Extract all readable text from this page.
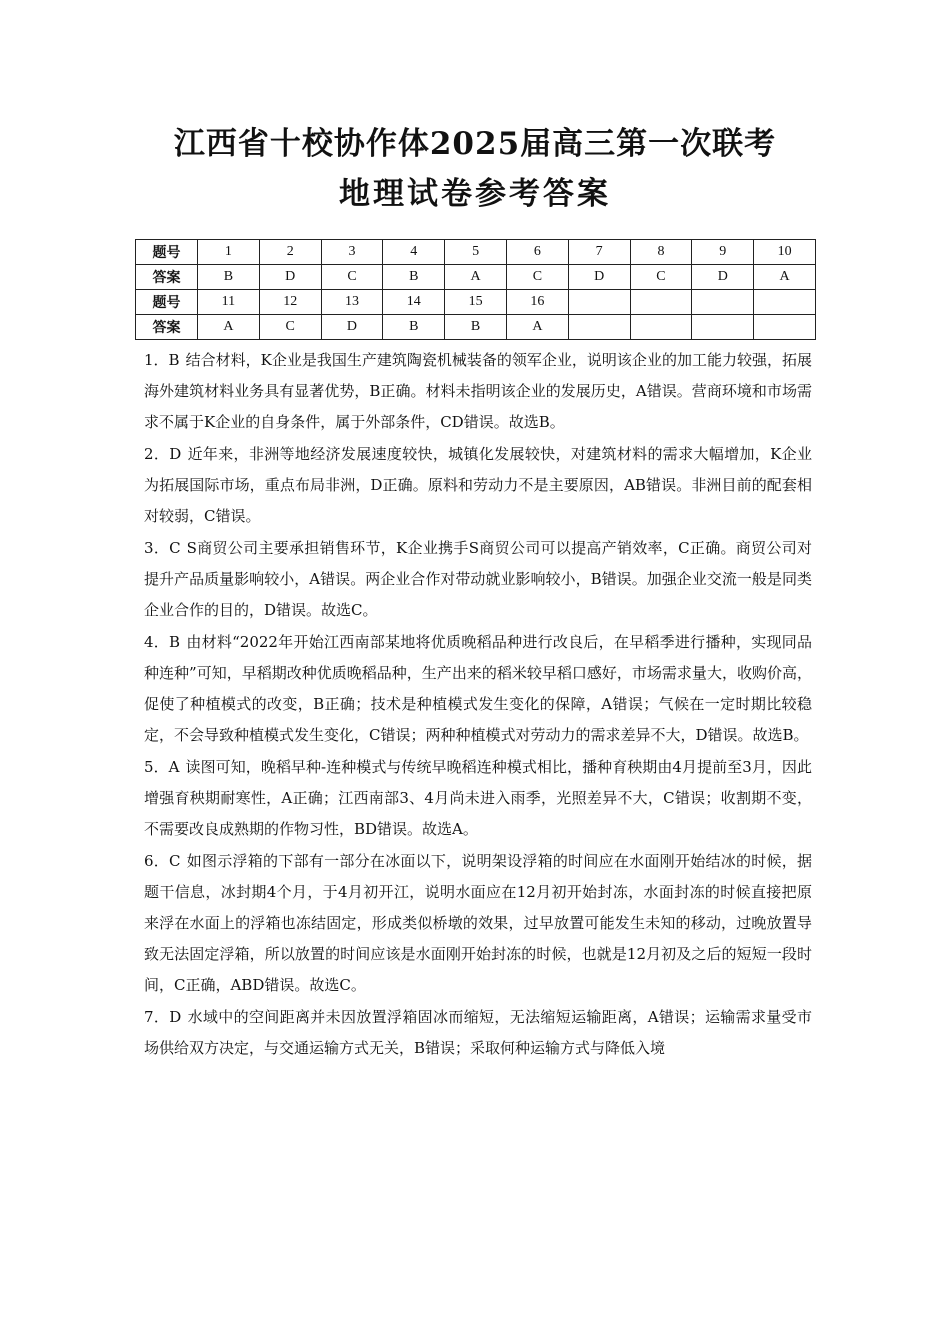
江西省十校协作体2025届高三第一次联考
地理试卷参考答案
题号	1	2	3	4	5	6	7	8	9	10
答案	B	D	C	B	A	C	D	C	D	A
题号	11	12	13	14	15	16				
答案	A	C	D	B	B	A				

1．B 结合材料，K企业是我国生产建筑陶瓷机械装备的领军企业，说明该企业的加工能力较强，拓展海外建筑材料业务具有显著优势，B正确。材料未指明该企业的发展历史，A错误。营商环境和市场需求不属于K企业的自身条件，属于外部条件，CD错误。故选B。

2．D 近年来，非洲等地经济发展速度较快，城镇化发展较快，对建筑材料的需求大幅增加，K企业为拓展国际市场，重点布局非洲，D正确。原料和劳动力不是主要原因，AB错误。非洲目前的配套相对较弱，C错误。

3．C S商贸公司主要承担销售环节，K企业携手S商贸公司可以提高产销效率，C正确。商贸公司对提升产品质量影响较小，A错误。两企业合作对带动就业影响较小，B错误。加强企业交流一般是同类企业合作的目的，D错误。故选C。

4．B 由材料“2022年开始江西南部某地将优质晚稻品种进行改良后，在早稻季进行播种，实现同品种连种”可知，早稻期改种优质晚稻品种，生产出来的稻米较早稻口感好，市场需求量大，收购价高，促使了种植模式的改变，B正确；技术是种植模式发生变化的保障，A错误；气候在一定时期比较稳定，不会导致种植模式发生变化，C错误；两种种植模式对劳动力的需求差异不大，D错误。故选B。

5．A 读图可知，晚稻早种-连种模式与传统早晚稻连种模式相比，播种育秧期由4月提前至3月，因此增强育秧期耐寒性，A正确；江西南部3、4月尚未进入雨季，光照差异不大，C错误；收割期不变，不需要改良成熟期的作物习性，BD错误。故选A。

6．C 如图示浮箱的下部有一部分在冰面以下，说明架设浮箱的时间应在水面刚开始结冰的时候，据题干信息，冰封期4个月，于4月初开江，说明水面应在12月初开始封冻，水面封冻的时候直接把原来浮在水面上的浮箱也冻结固定，形成类似桥墩的效果，过早放置可能发生未知的移动，过晚放置导致无法固定浮箱，所以放置的时间应该是水面刚开始封冻的时候，也就是12月初及之后的短短一段时间，C正确，ABD错误。故选C。

7．D 水域中的空间距离并未因放置浮箱固冰而缩短，无法缩短运输距离，A错误；运输需求量受市场供给双方决定，与交通运输方式无关，B错误；采取何种运输方式与降低入境
